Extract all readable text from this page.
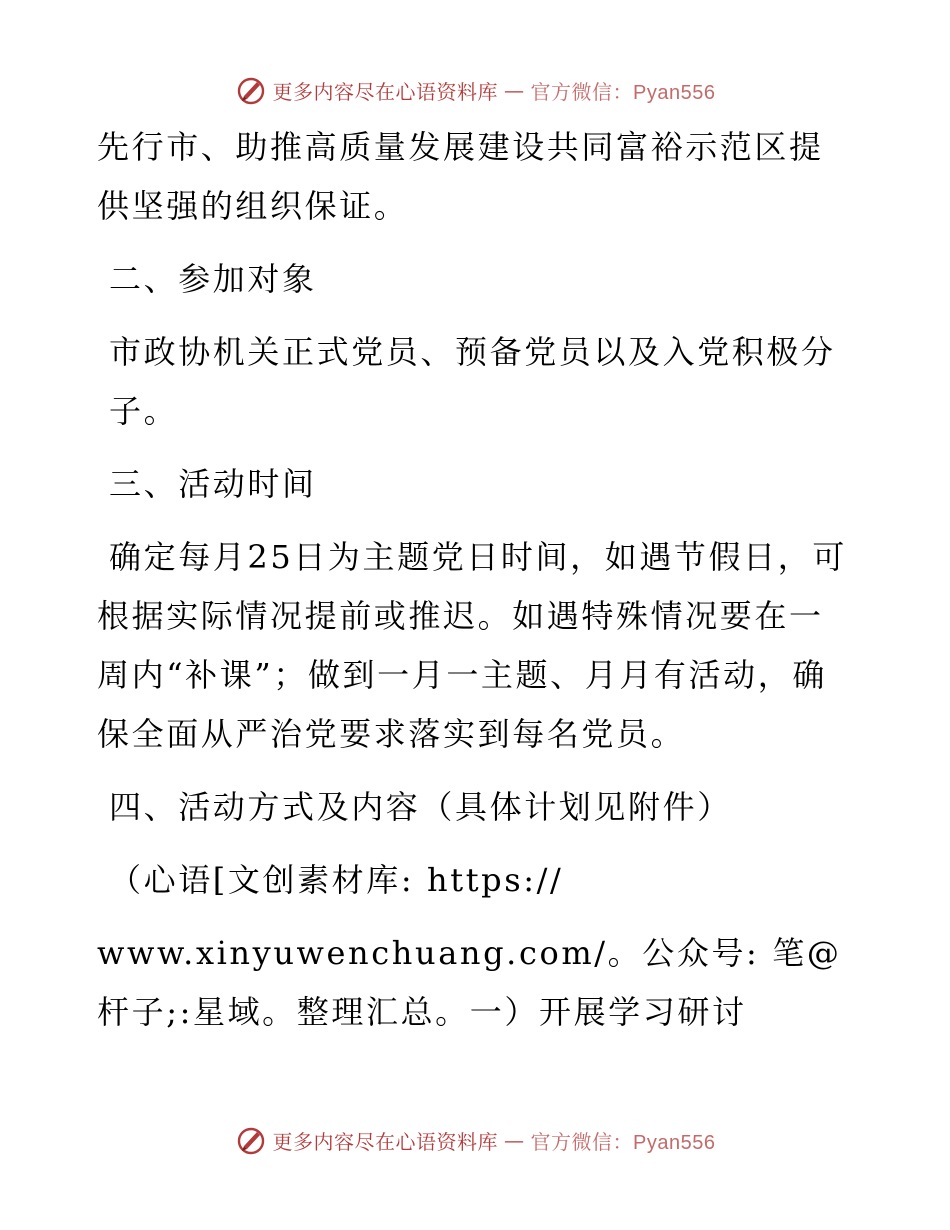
更多内容尽在心语资料库 — 官方微信：Pyan556

先行市、助推高质量发展建设共同富裕示范区提供坚强的组织保证。

二、参加对象

市政协机关正式党员、预备党员以及入党积极分子。

三、活动时间

确定每月25日为主题党日时间，如遇节假日，可根据实际情况提前或推迟。如遇特殊情况要在一周内“补课”；做到一月一主题、月月有活动，确保全面从严治党要求落实到每名党员。

四、活动方式及内容（具体计划见附件）

（心语[文创素材库: https://

www.xinyuwenchuang.com/。公众号: 笔@杆子;:星域。整理汇总。一）开展学习研讨

更多内容尽在心语资料库 — 官方微信：Pyan556
